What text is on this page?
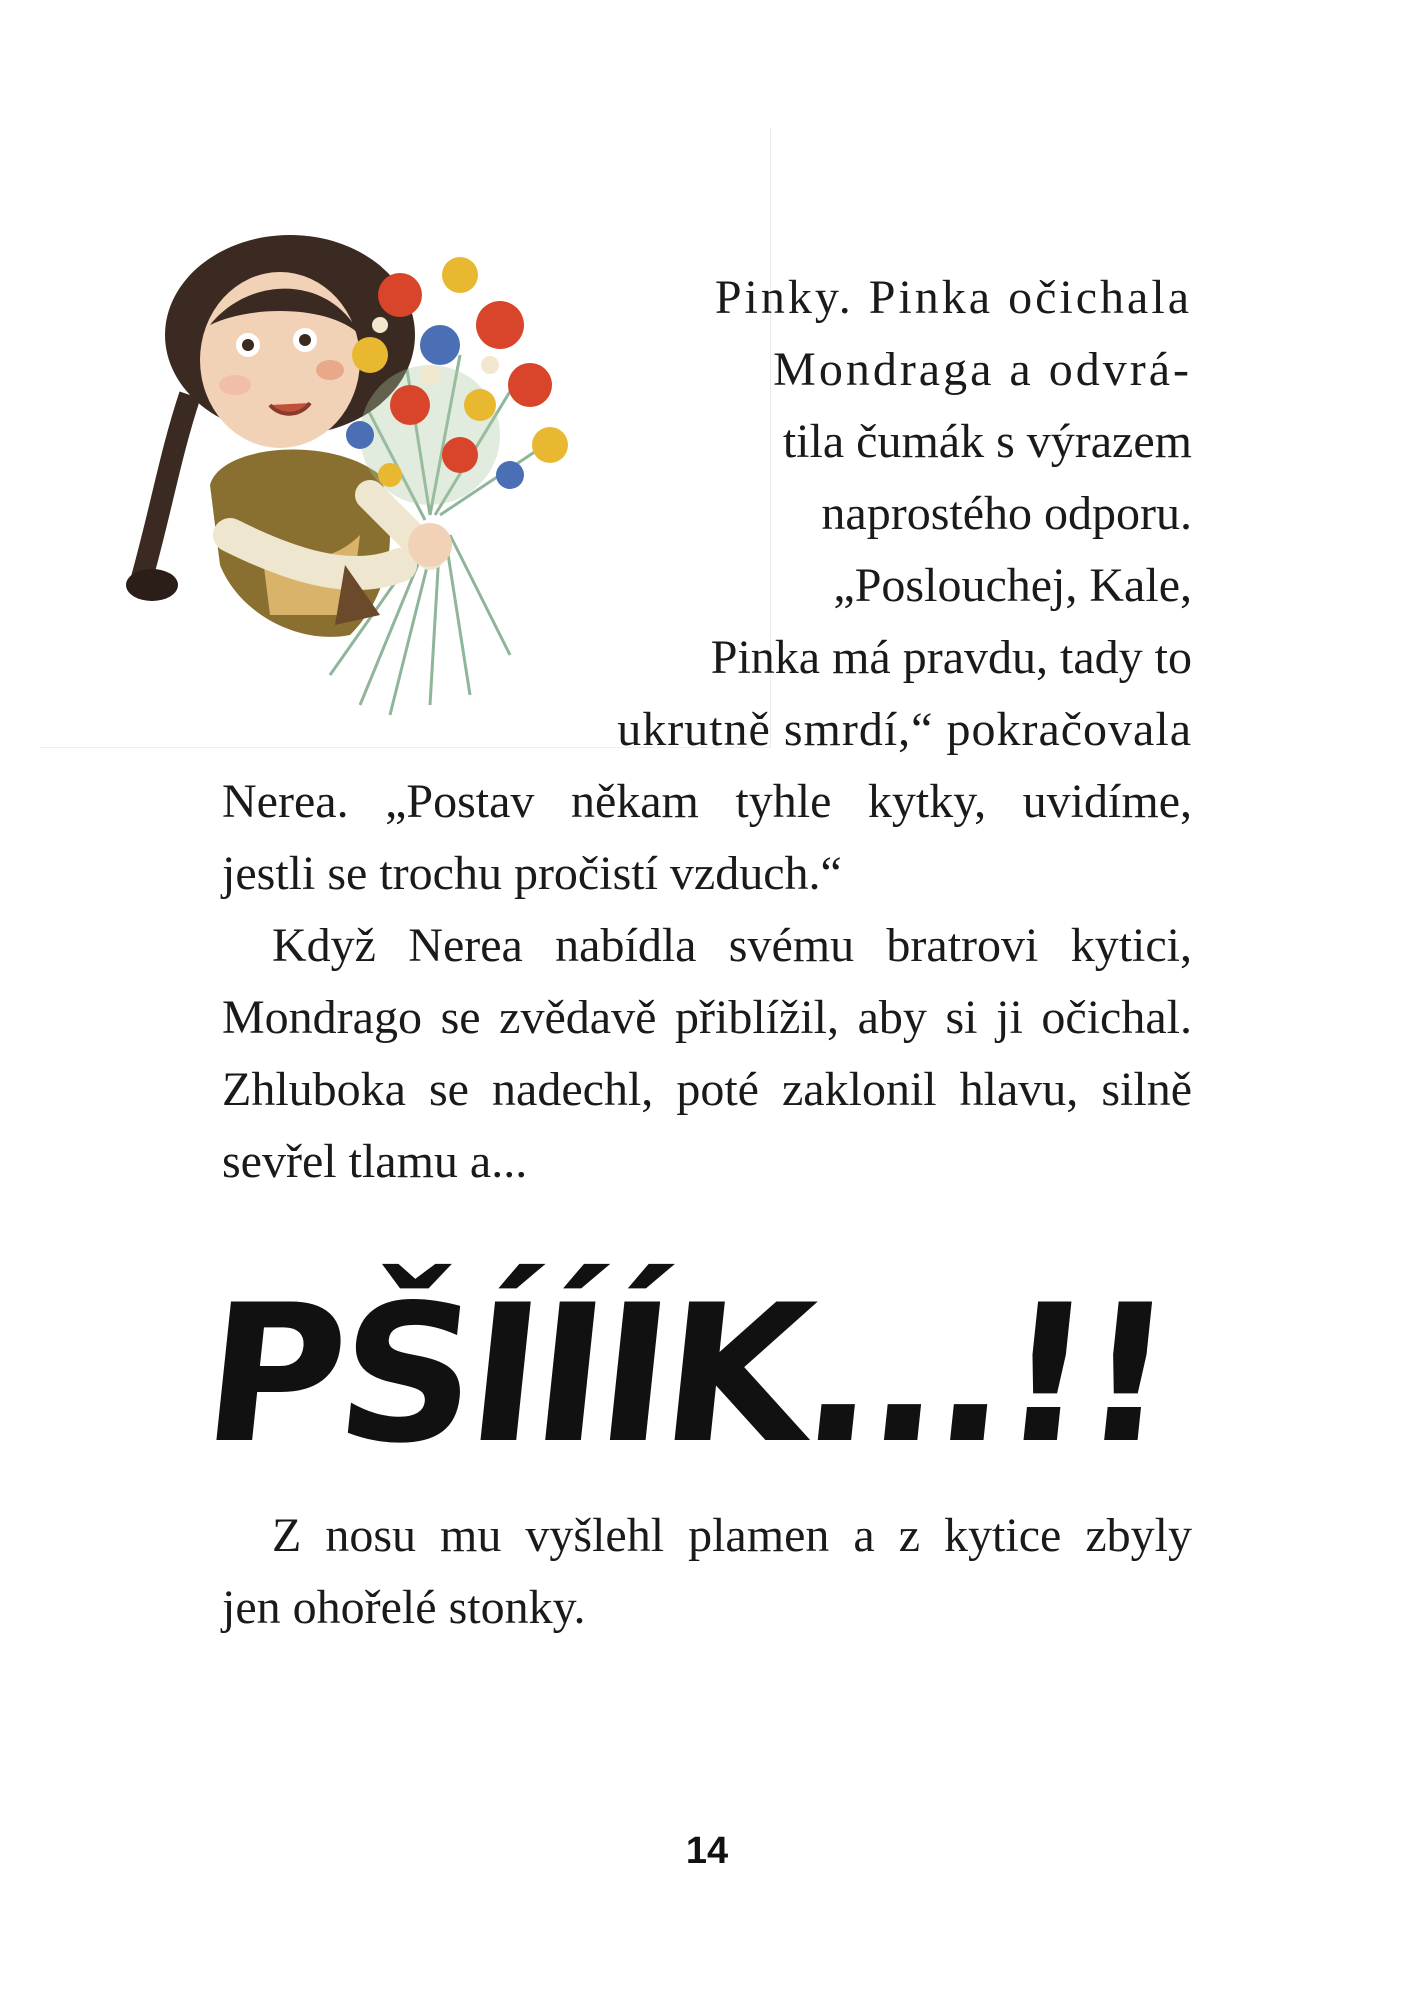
Pinky. Pinka očichala
Mondraga a odvrá-
tila čumák s výrazem
naprostého odporu.
„Poslouchej, Kale,
Pinka má pravdu, tady to
ukrutně smrdí,“ pokračovala
Nerea. „Postav někam tyhle kytky, uvidíme,
jestli se trochu pročistí vzduch.“
Když Nerea nabídla svému bratrovi kytici,
Mondrago se zvědavě přiblížil, aby si ji očichal.
Zhluboka se nadechl, poté zaklonil hlavu, silně
sevřel tlamu a...
PŠÍÍÍK...!!
Z nosu mu vyšlehl plamen a z kytice zbyly
jen ohořelé stonky.
14
